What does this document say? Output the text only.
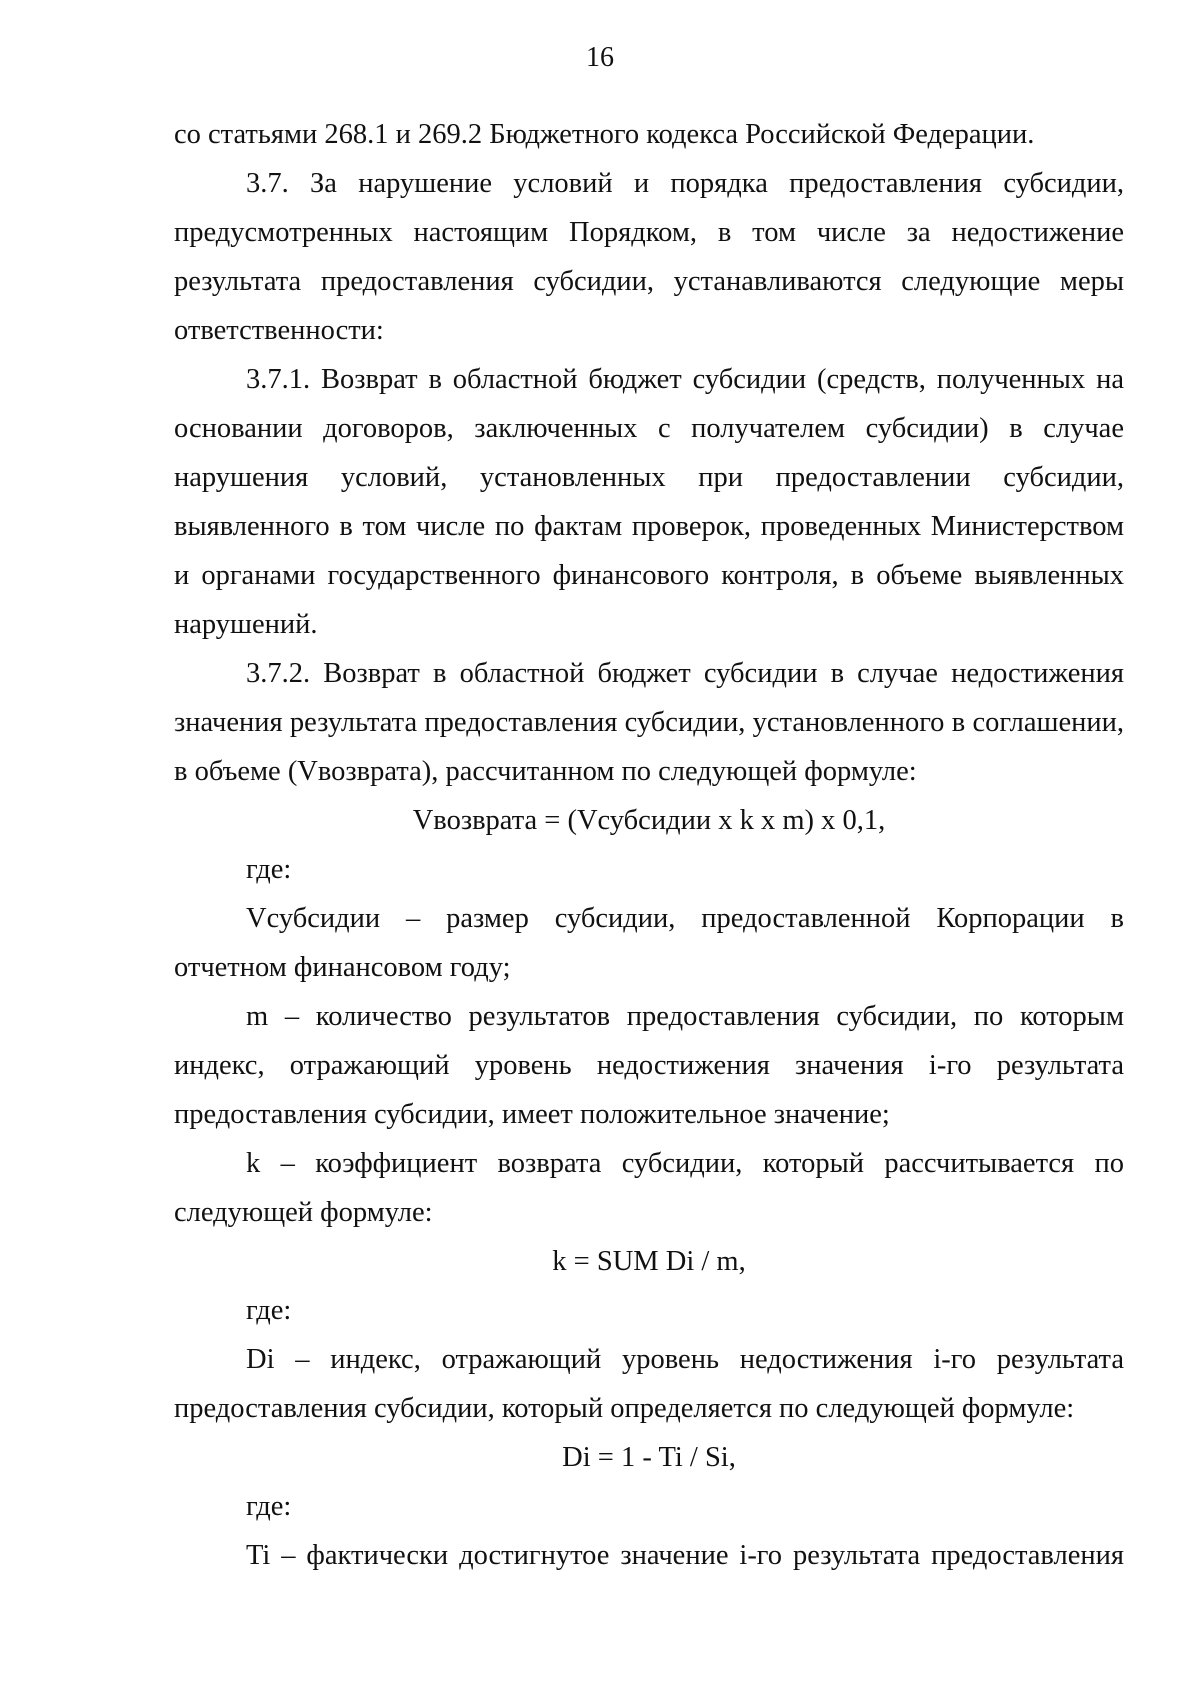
16

со статьями 268.1 и 269.2 Бюджетного кодекса Российской Федерации.

3.7. За нарушение условий и порядка предоставления субсидии, предусмотренных настоящим Порядком, в том числе за недостижение результата предоставления субсидии, устанавливаются следующие меры ответственности:

3.7.1. Возврат в областной бюджет субсидии (средств, полученных на основании договоров, заключенных с получателем субсидии) в случае нарушения условий, установленных при предоставлении субсидии, выявленного в том числе по фактам проверок, проведенных Министерством и органами государственного финансового контроля, в объеме выявленных нарушений.

3.7.2. Возврат в областной бюджет субсидии в случае недостижения значения результата предоставления субсидии, установленного в соглашении, в объеме (Vвозврата), рассчитанном по следующей формуле:

Vвозврата = (Vсубсидии x k x m) x 0,1,

где:

Vсубсидии – размер субсидии, предоставленной Корпорации в отчетном финансовом году;

m – количество результатов предоставления субсидии, по которым индекс, отражающий уровень недостижения значения i-го результата предоставления субсидии, имеет положительное значение;

k – коэффициент возврата субсидии, который рассчитывается по следующей формуле:

k = SUM Di / m,

где:

Di – индекс, отражающий уровень недостижения i-го результата предоставления субсидии, который определяется по следующей формуле:

Di = 1 - Ti / Si,

где:

Ti – фактически достигнутое значение i-го результата предоставления
